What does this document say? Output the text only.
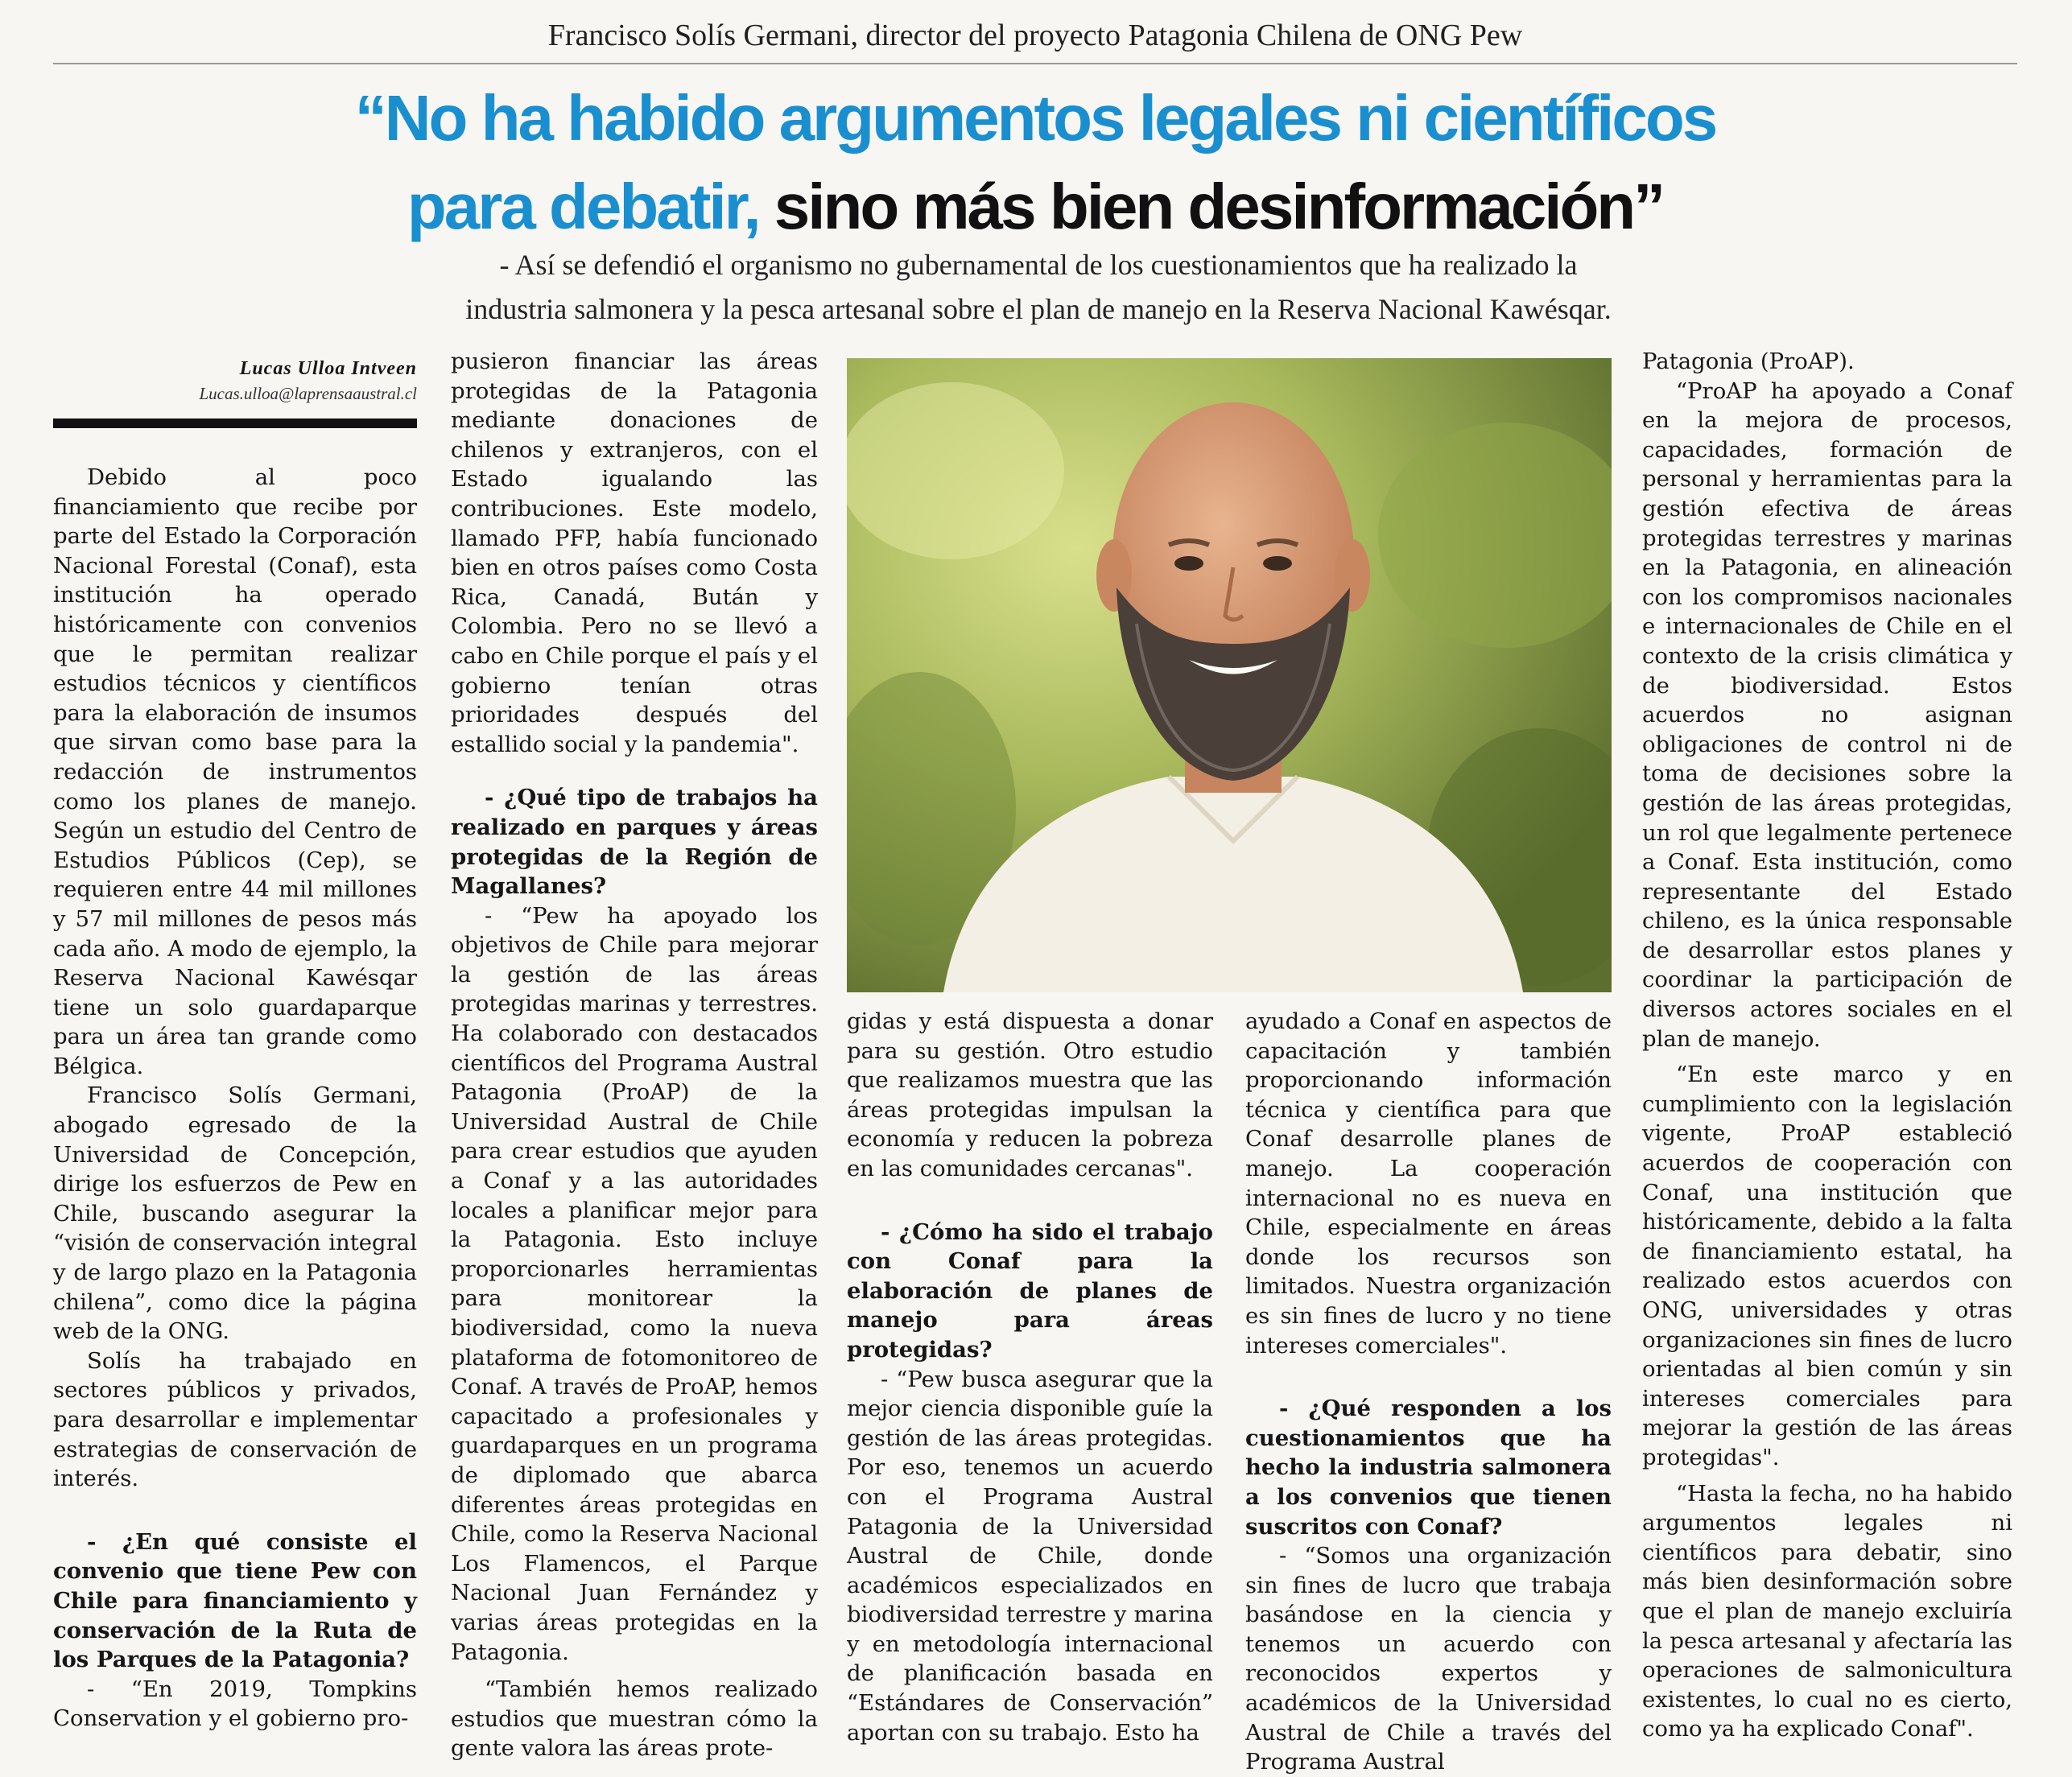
Francisco Solís Germani, director del proyecto Patagonia Chilena de ONG Pew
“No ha habido argumentos legales ni científicos
para debatir, sino más bien desinformación”
- Así se defendió el organismo no gubernamental de los cuestionamientos que ha realizado la
industria salmonera y la pesca artesanal sobre el plan de manejo en la Reserva Nacional Kawésqar.
Lucas Ulloa Intveen
Lucas.ulloa@laprensaaustral.cl

Debido al poco financiamiento que recibe por parte del Estado la Corporación Nacional Forestal (Conaf), esta institución ha operado históricamente con convenios que le permitan realizar estudios técnicos y científicos para la elaboración de insumos que sirvan como base para la redacción de instrumentos como los planes de manejo. Según un estudio del Centro de Estudios Públicos (Cep), se requieren entre 44 mil millones y 57 mil millones de pesos más cada año. A modo de ejemplo, la Reserva Nacional Kawésqar tiene un solo guardaparque para un área tan grande como Bélgica.

Francisco Solís Germani, abogado egresado de la Universidad de Concepción, dirige los esfuerzos de Pew en Chile, buscando asegurar la “visión de conservación integral y de largo plazo en la Patagonia chilena”, como dice la página web de la ONG.

Solís ha trabajado en sectores públicos y privados, para desarrollar e implementar estrategias de conservación de interés.

- ¿En qué consiste el convenio que tiene Pew con Chile para financiamiento y conservación de la Ruta de los Parques de la Patagonia?

- “En 2019, Tompkins Conservation y el gobierno pro-

pusieron financiar las áreas protegidas de la Patagonia mediante donaciones de chilenos y extranjeros, con el Estado igualando las contribuciones. Este modelo, llamado PFP, había funcionado bien en otros países como Costa Rica, Canadá, Bután y Colombia. Pero no se llevó a cabo en Chile porque el país y el gobierno tenían otras prioridades después del estallido social y la pandemia".

- ¿Qué tipo de trabajos ha realizado en parques y áreas protegidas de la Región de Magallanes?

- “Pew ha apoyado los objetivos de Chile para mejorar la gestión de las áreas protegidas marinas y terrestres. Ha colaborado con destacados científicos del Programa Austral Patagonia (ProAP) de la Universidad Austral de Chile para crear estudios que ayuden a Conaf y a las autoridades locales a planificar mejor para la Patagonia. Esto incluye proporcionarles herramientas para monitorear la biodiversidad, como la nueva plataforma de fotomonitoreo de Conaf. A través de ProAP, hemos capacitado a profesionales y guardaparques en un programa de diplomado que abarca diferentes áreas protegidas en Chile, como la Reserva Nacional Los Flamencos, el Parque Nacional Juan Fernández y varias áreas protegidas en la Patagonia.

“También hemos realizado estudios que muestran cómo la gente valora las áreas prote-

gidas y está dispuesta a donar para su gestión. Otro estudio que realizamos muestra que las áreas protegidas impulsan la economía y reducen la pobreza en las comunidades cercanas".

- ¿Cómo ha sido el trabajo con Conaf para la elaboración de planes de manejo para áreas protegidas?

- “Pew busca asegurar que la mejor ciencia disponible guíe la gestión de las áreas protegidas. Por eso, tenemos un acuerdo con el Programa Austral Patagonia de la Universidad Austral de Chile, donde académicos especializados en biodiversidad terrestre y marina y en metodología internacional de planificación basada en “Estándares de Conservación” aportan con su trabajo. Esto ha

ayudado a Conaf en aspectos de capacitación y también proporcionando información técnica y científica para que Conaf desarrolle planes de manejo. La cooperación internacional no es nueva en Chile, especialmente en áreas donde los recursos son limitados. Nuestra organización es sin fines de lucro y no tiene intereses comerciales".

- ¿Qué responden a los cuestionamientos que ha hecho la industria salmonera a los convenios que tienen suscritos con Conaf?

- “Somos una organización sin fines de lucro que trabaja basándose en la ciencia y tenemos un acuerdo con reconocidos expertos y académicos de la Universidad Austral de Chile a través del Programa Austral

Patagonia (ProAP).

“ProAP ha apoyado a Conaf en la mejora de procesos, capacidades, formación de personal y herramientas para la gestión efectiva de áreas protegidas terrestres y marinas en la Patagonia, en alineación con los compromisos nacionales e internacionales de Chile en el contexto de la crisis climática y de biodiversidad. Estos acuerdos no asignan obligaciones de control ni de toma de decisiones sobre la gestión de las áreas protegidas, un rol que legalmente pertenece a Conaf. Esta institución, como representante del Estado chileno, es la única responsable de desarrollar estos planes y coordinar la participación de diversos actores sociales en el plan de manejo.

“En este marco y en cumplimiento con la legislación vigente, ProAP estableció acuerdos de cooperación con Conaf, una institución que históricamente, debido a la falta de financiamiento estatal, ha realizado estos acuerdos con ONG, universidades y otras organizaciones sin fines de lucro orientadas al bien común y sin intereses comerciales para mejorar la gestión de las áreas protegidas".

“Hasta la fecha, no ha habido argumentos legales ni científicos para debatir, sino más bien desinformación sobre que el plan de manejo excluiría la pesca artesanal y afectaría las operaciones de salmonicultura existentes, lo cual no es cierto, como ya ha explicado Conaf".
